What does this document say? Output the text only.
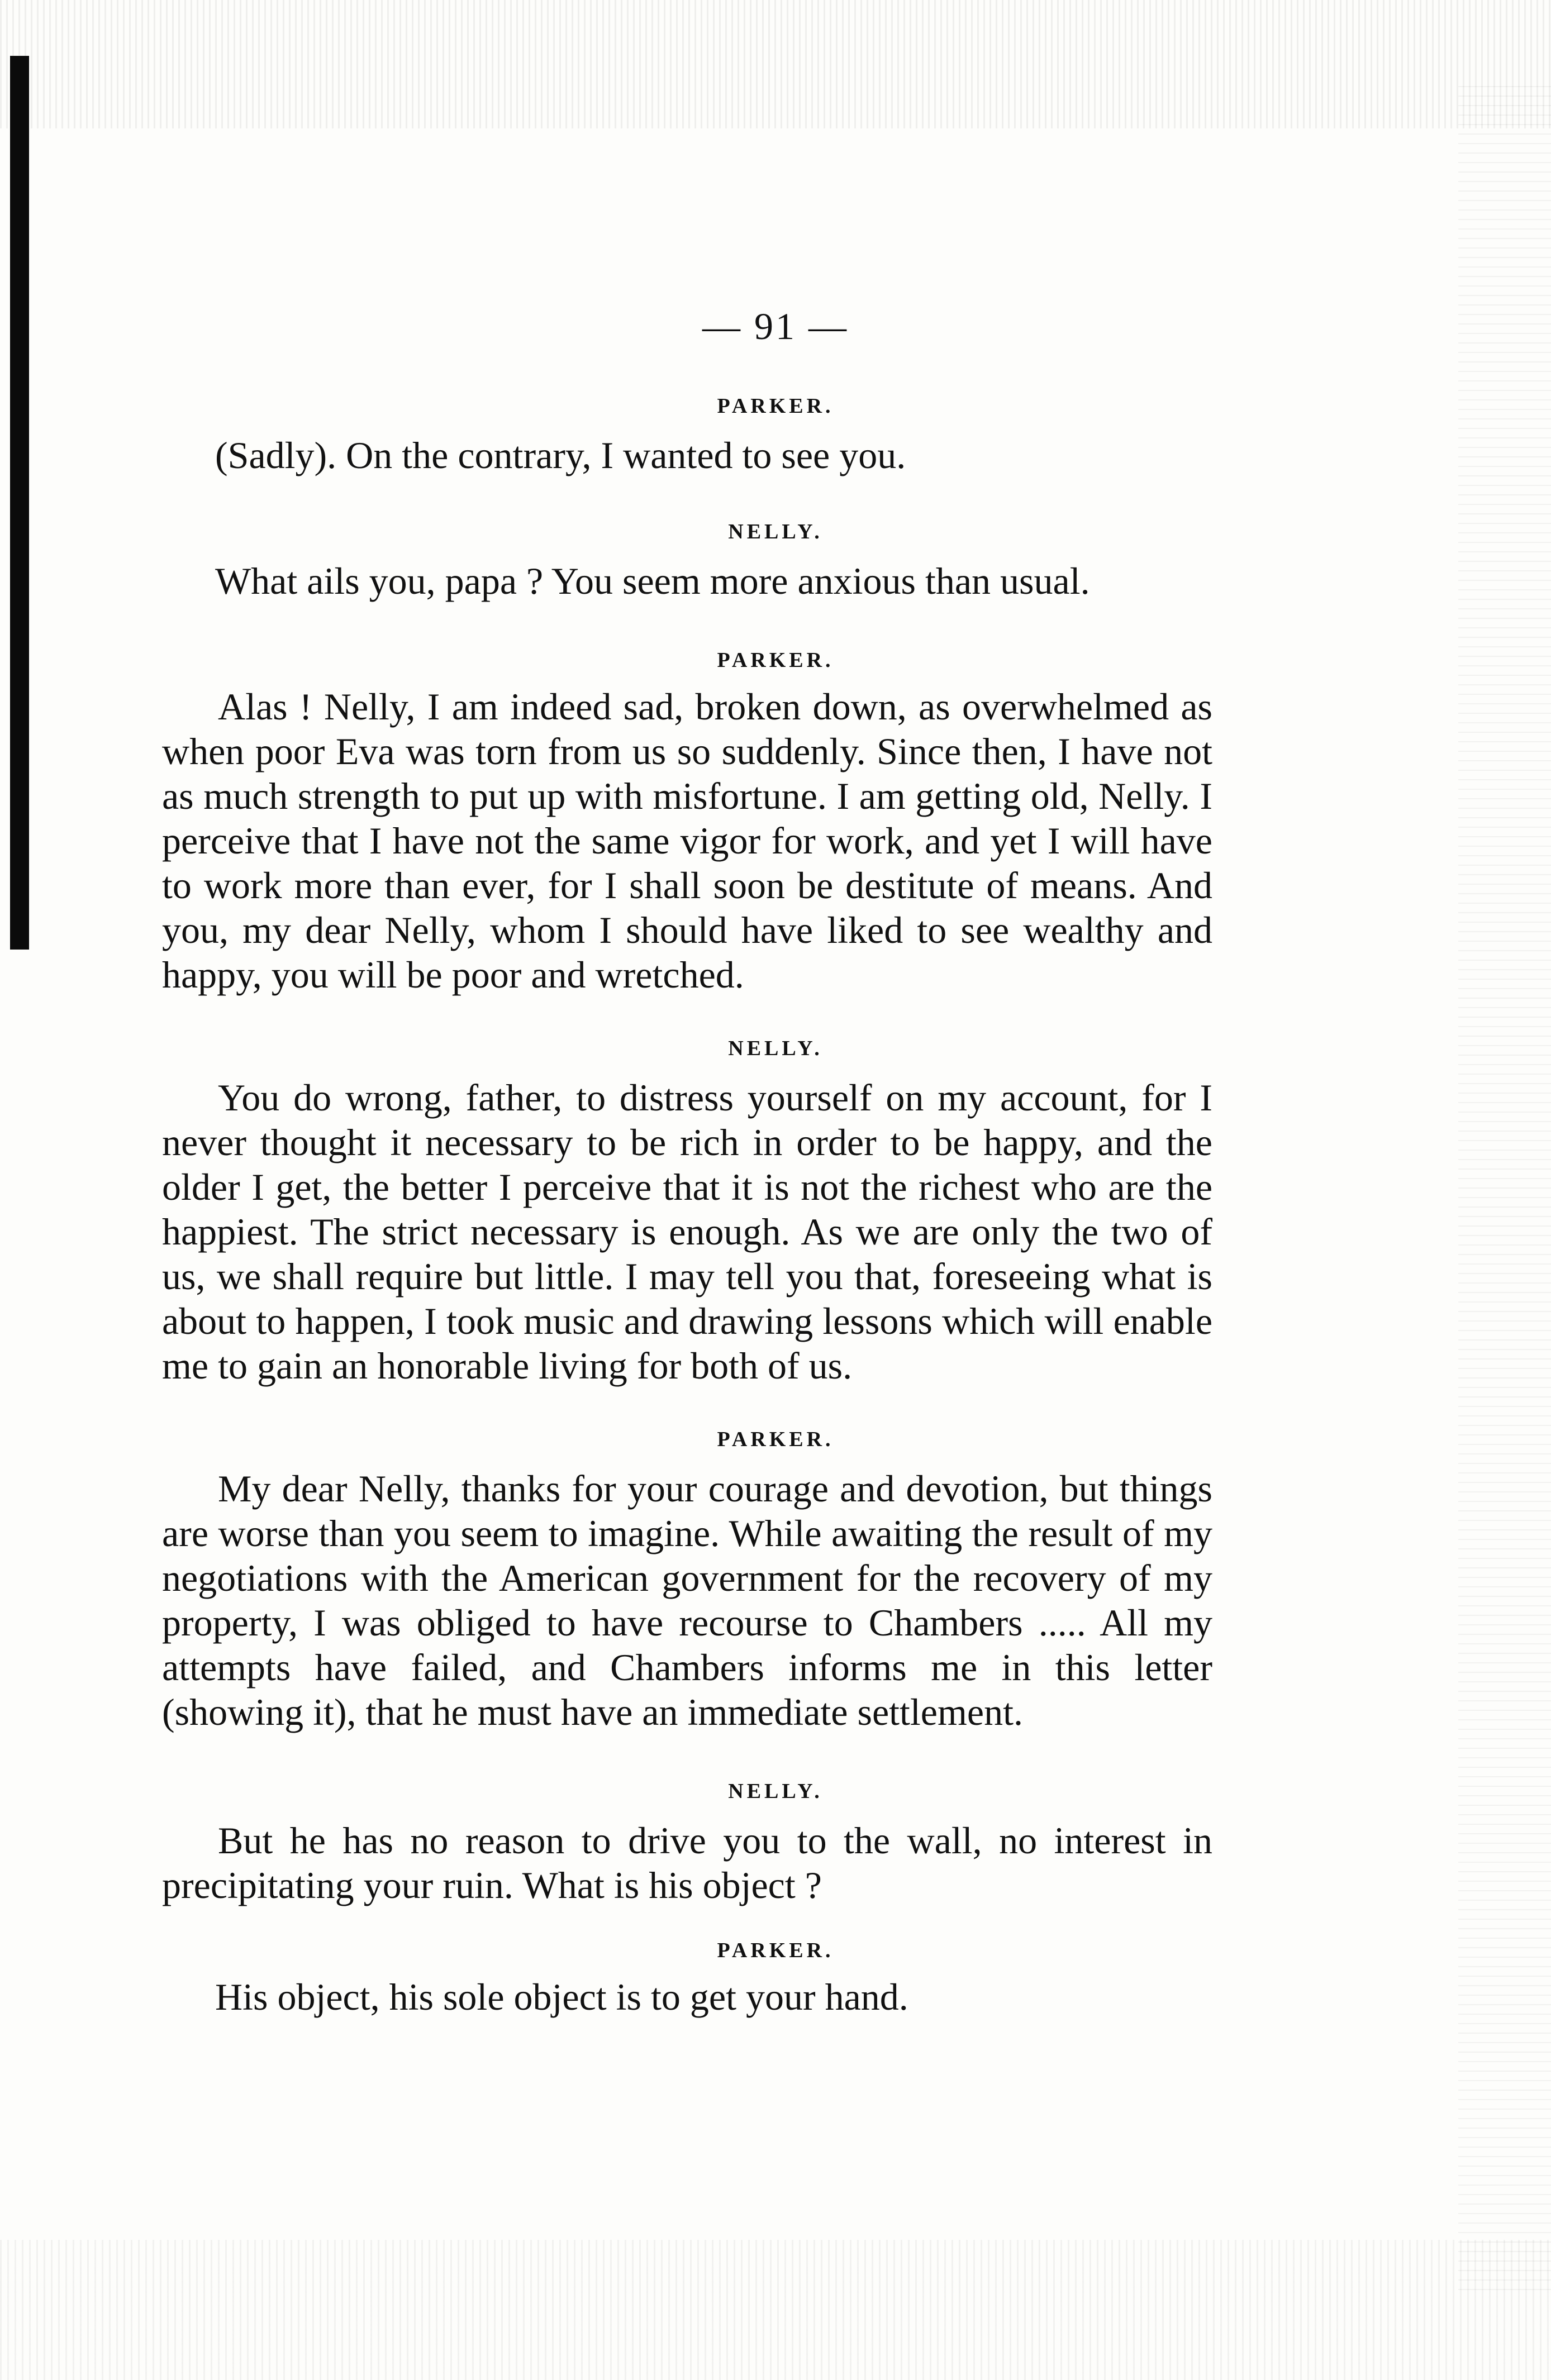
— 91 —
PARKER.

(Sadly). On the contrary, I wanted to see you.

NELLY.

What ails you, papa ? You seem more anxious than usual.

PARKER.

Alas ! Nelly, I am indeed sad, broken down, as overwhelmed as when poor Eva was torn from us so suddenly. Since then, I have not as much strength to put up with misfortune. I am getting old, Nelly. I perceive that I have not the same vigor for work, and yet I will have to work more than ever, for I shall soon be destitute of means. And you, my dear Nelly, whom I should have liked to see wealthy and happy, you will be poor and wretched.

NELLY.

You do wrong, father, to distress yourself on my account, for I never thought it necessary to be rich in order to be happy, and the older I get, the better I perceive that it is not the richest who are the happiest. The strict necessary is enough. As we are only the two of us, we shall require but little. I may tell you that, foreseeing what is about to happen, I took music and drawing lessons which will enable me to gain an honorable living for both of us.

PARKER.

My dear Nelly, thanks for your courage and devotion, but things are worse than you seem to imagine. While awaiting the result of my negotiations with the American government for the recovery of my property, I was obliged to have recourse to Chambers ..... All my attempts have failed, and Chambers informs me in this letter (showing it), that he must have an immediate settlement.

NELLY.

But he has no reason to drive you to the wall, no interest in precipitating your ruin. What is his object ?

PARKER.

His object, his sole object is to get your hand.
